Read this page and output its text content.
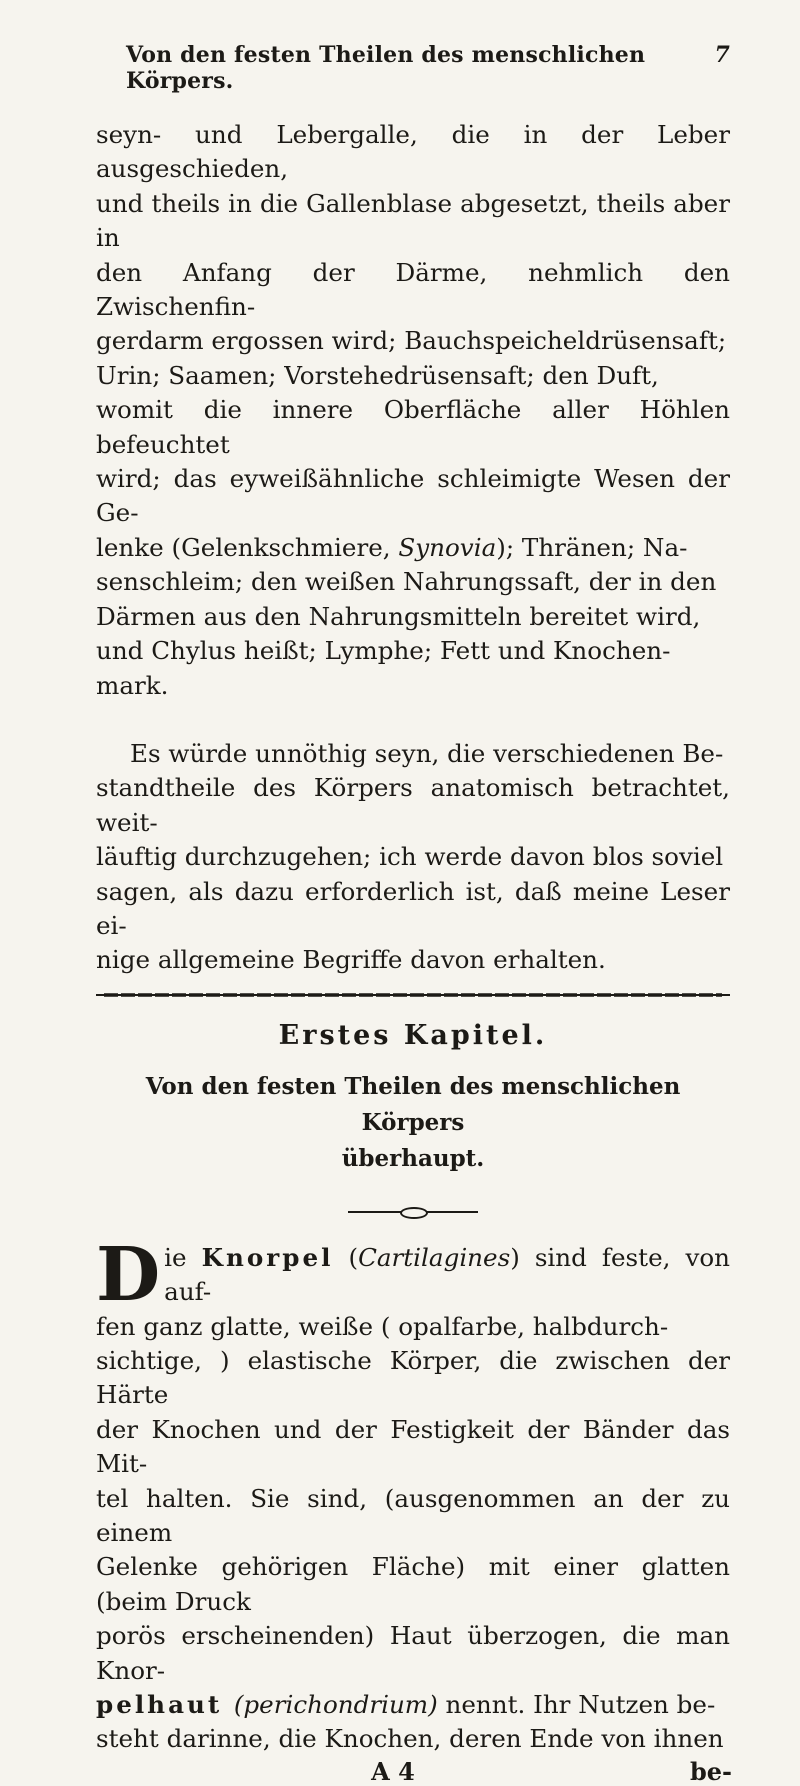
Von den festen Theilen des menschlichen Körpers.
7

seyn- und Lebergalle, die in der Leber ausgeschieden,

und theils in die Gallenblase abgesetzt, theils aber in

den Anfang der Därme, nehmlich den Zwischenfin-

gerdarm ergossen wird; Bauchspeicheldrüsensaft;

Urin; Saamen; Vorstehedrüsensaft; den Duft,

womit die innere Oberfläche aller Höhlen befeuchtet

wird; das eyweißähnliche schleimigte Wesen der Ge-

lenke (Gelenkschmiere, Synovia); Thränen; Na-

senschleim; den weißen Nahrungssaft, der in den

Därmen aus den Nahrungsmitteln bereitet wird,

und Chylus heißt; Lymphe; Fett und Knochen-

mark.

Es würde unnöthig seyn, die verschiedenen Be-

standtheile des Körpers anatomisch betrachtet, weit-

läuftig durchzugehen; ich werde davon blos soviel

sagen, als dazu erforderlich ist, daß meine Leser ei-

nige allgemeine Begriffe davon erhalten.

Erstes Kapitel.
Von den festen Theilen des menschlichen Körpers
überhaupt.
D ie Knorpel (Cartilagines) sind feste, von auf-

fen ganz glatte, weiße ( opalfarbe, halbdurch-

sichtige, ) elastische Körper, die zwischen der Härte

der Knochen und der Festigkeit der Bänder das Mit-

tel halten. Sie sind, (ausgenommen an der zu einem

Gelenke gehörigen Fläche) mit einer glatten (beim Druck

porös erscheinenden) Haut überzogen, die man Knor-

pelhaut (perichondrium) nennt. Ihr Nutzen be-

steht darinne, die Knochen, deren Ende von ihnen

A 4	be-
